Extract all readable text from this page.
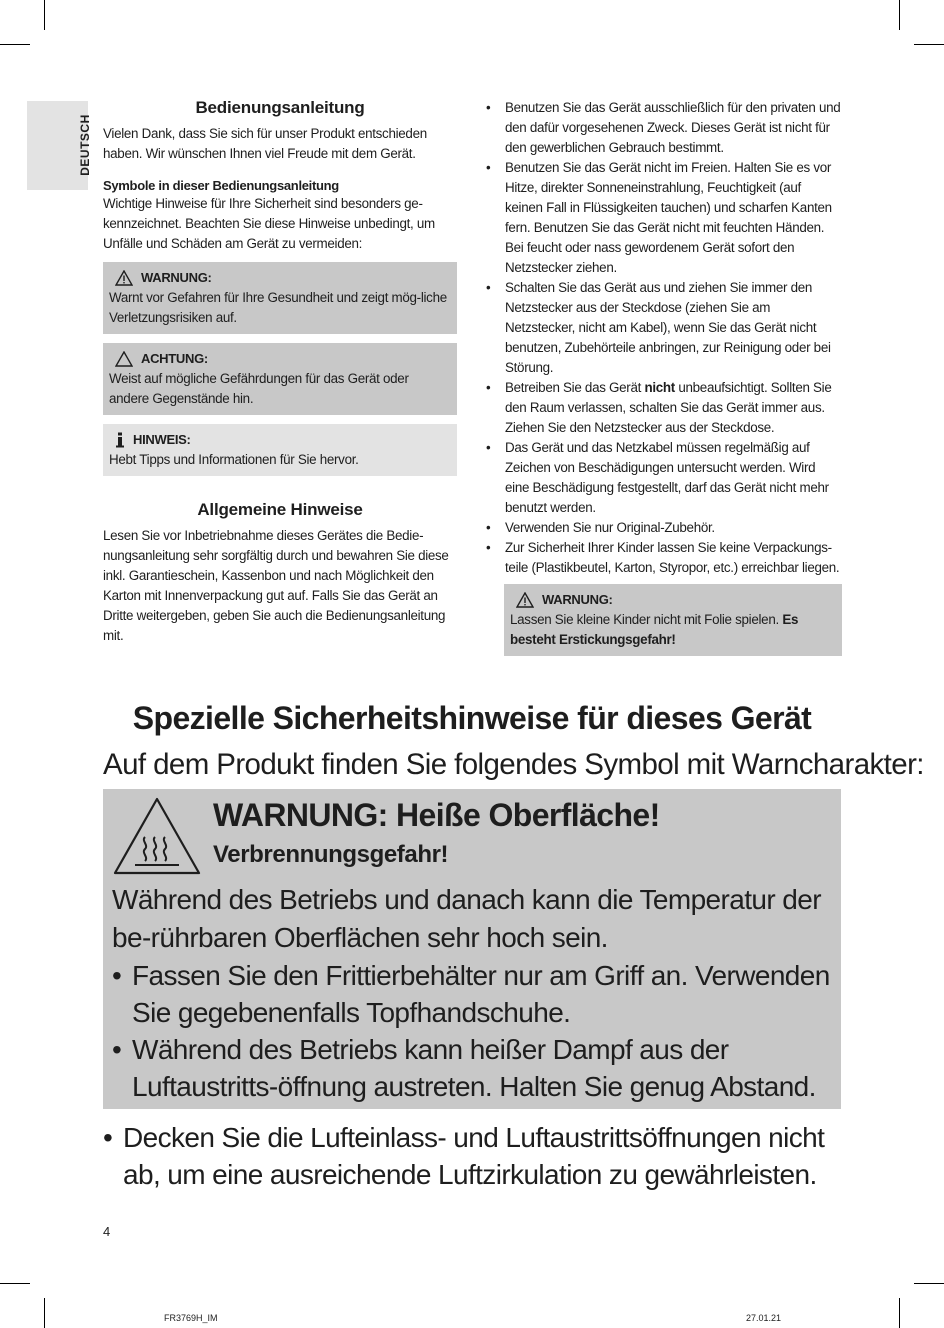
DEUTSCH
Bedienungsanleitung

Vielen Dank, dass Sie sich für unser Produkt entschieden haben. Wir wünschen Ihnen viel Freude mit dem Gerät.

Symbole in dieser Bedienungsanleitung

Wichtige Hinweise für Ihre Sicherheit sind besonders ge-kennzeichnet. Beachten Sie diese Hinweise unbedingt, um Unfälle und Schäden am Gerät zu vermeiden:

WARNUNG:
Warnt vor Gefahren für Ihre Gesundheit und zeigt mög-liche Verletzungsrisiken auf.
ACHTUNG:
Weist auf mögliche Gefährdungen für das Gerät oder andere Gegenstände hin.
HINWEIS:
Hebt Tipps und Informationen für Sie hervor.
Allgemeine Hinweise

Lesen Sie vor Inbetriebnahme dieses Gerätes die Bedie-nungsanleitung sehr sorgfältig durch und bewahren Sie diese inkl. Garantieschein, Kassenbon und nach Möglichkeit den Karton mit Innenverpackung gut auf. Falls Sie das Gerät an Dritte weitergeben, geben Sie auch die Bedienungsanleitung mit.

• Benutzen Sie das Gerät ausschließlich für den privaten und den dafür vorgesehenen Zweck. Dieses Gerät ist nicht für den gewerblichen Gebrauch bestimmt.
• Benutzen Sie das Gerät nicht im Freien. Halten Sie es vor Hitze, direkter Sonneneinstrahlung, Feuchtigkeit (auf keinen Fall in Flüssigkeiten tauchen) und scharfen Kanten fern. Benutzen Sie das Gerät nicht mit feuchten Händen. Bei feucht oder nass gewordenem Gerät sofort den Netzstecker ziehen.
• Schalten Sie das Gerät aus und ziehen Sie immer den Netzstecker aus der Steckdose (ziehen Sie am Netzstecker, nicht am Kabel), wenn Sie das Gerät nicht benutzen, Zubehörteile anbringen, zur Reinigung oder bei Störung.
• Betreiben Sie das Gerät nicht unbeaufsichtigt. Sollten Sie den Raum verlassen, schalten Sie das Gerät immer aus. Ziehen Sie den Netzstecker aus der Steckdose.
• Das Gerät und das Netzkabel müssen regelmäßig auf Zeichen von Beschädigungen untersucht werden. Wird eine Beschädigung festgestellt, darf das Gerät nicht mehr benutzt werden.
• Verwenden Sie nur Original-Zubehör.
• Zur Sicherheit Ihrer Kinder lassen Sie keine Verpackungs-teile (Plastikbeutel, Karton, Styropor, etc.) erreichbar liegen.
WARNUNG:
Lassen Sie kleine Kinder nicht mit Folie spielen. Es besteht Erstickungsgefahr!
Spezielle Sicherheitshinweise für dieses Gerät
Auf dem Produkt finden Sie folgendes Symbol mit Warncharakter:
WARNUNG: Heiße Oberfläche!
Verbrennungsgefahr!
Während des Betriebs und danach kann die Temperatur der be-rührbaren Oberflächen sehr hoch sein.
• Fassen Sie den Frittierbehälter nur am Griff an. Verwenden Sie gegebenenfalls Topfhandschuhe.
• Während des Betriebs kann heißer Dampf aus der Luftaustritts-öffnung austreten. Halten Sie genug Abstand.
• Decken Sie die Lufteinlass- und Luftaustrittsöffnungen nicht ab, um eine ausreichende Luftzirkulation zu gewährleisten.
4
FR3769H_IM	27.01.21
